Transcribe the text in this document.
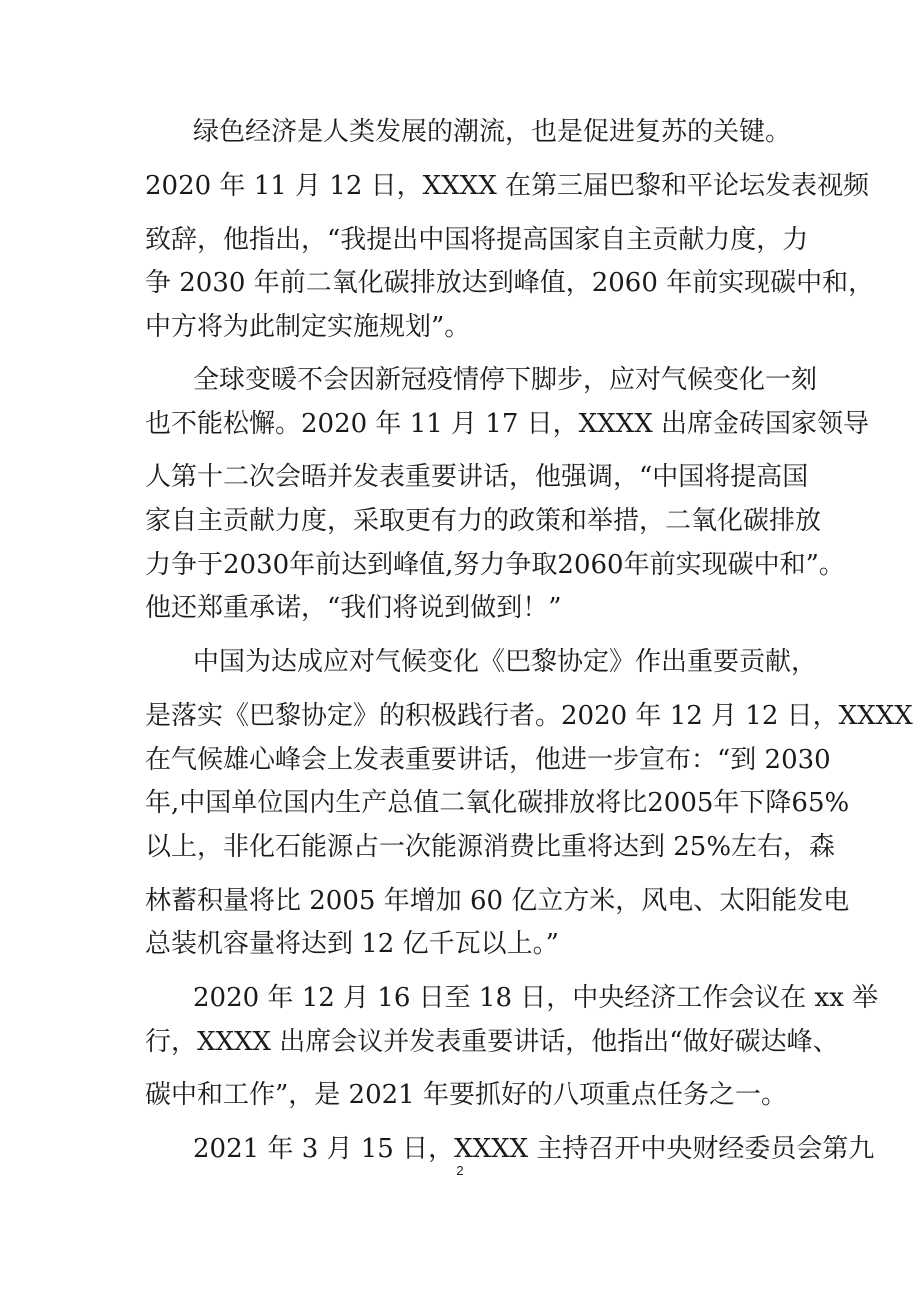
绿色经济是人类发展的潮流，也是促进复苏的关键。
2020 年 11 月 12 日，XXXX 在第三届巴黎和平论坛发表视频
致辞，他指出，“我提出中国将提高国家自主贡献力度，力
争 2030 年前二氧化碳排放达到峰值，2060 年前实现碳中和，
中方将为此制定实施规划”。
全球变暖不会因新冠疫情停下脚步，应对气候变化一刻
也不能松懈。2020 年 11 月 17 日，XXXX 出席金砖国家领导
人第十二次会晤并发表重要讲话，他强调，“中国将提高国
家自主贡献力度，采取更有力的政策和举措，二氧化碳排放
力争于2030年前达到峰值,努力争取2060年前实现碳中和”。
他还郑重承诺，“我们将说到做到！”
中国为达成应对气候变化《巴黎协定》作出重要贡献，
是落实《巴黎协定》的积极践行者。2020 年 12 月 12 日，XXXX
在气候雄心峰会上发表重要讲话，他进一步宣布：“到 2030
年,中国单位国内生产总值二氧化碳排放将比2005年下降65%
以上，非化石能源占一次能源消费比重将达到 25%左右，森
林蓄积量将比 2005 年增加 60 亿立方米，风电、太阳能发电
总装机容量将达到 12 亿千瓦以上。”
2020 年 12 月 16 日至 18 日，中央经济工作会议在 xx 举
行，XXXX 出席会议并发表重要讲话，他指出“做好碳达峰、
碳中和工作”，是 2021 年要抓好的八项重点任务之一。
2021 年 3 月 15 日，XXXX 主持召开中央财经委员会第九
2
